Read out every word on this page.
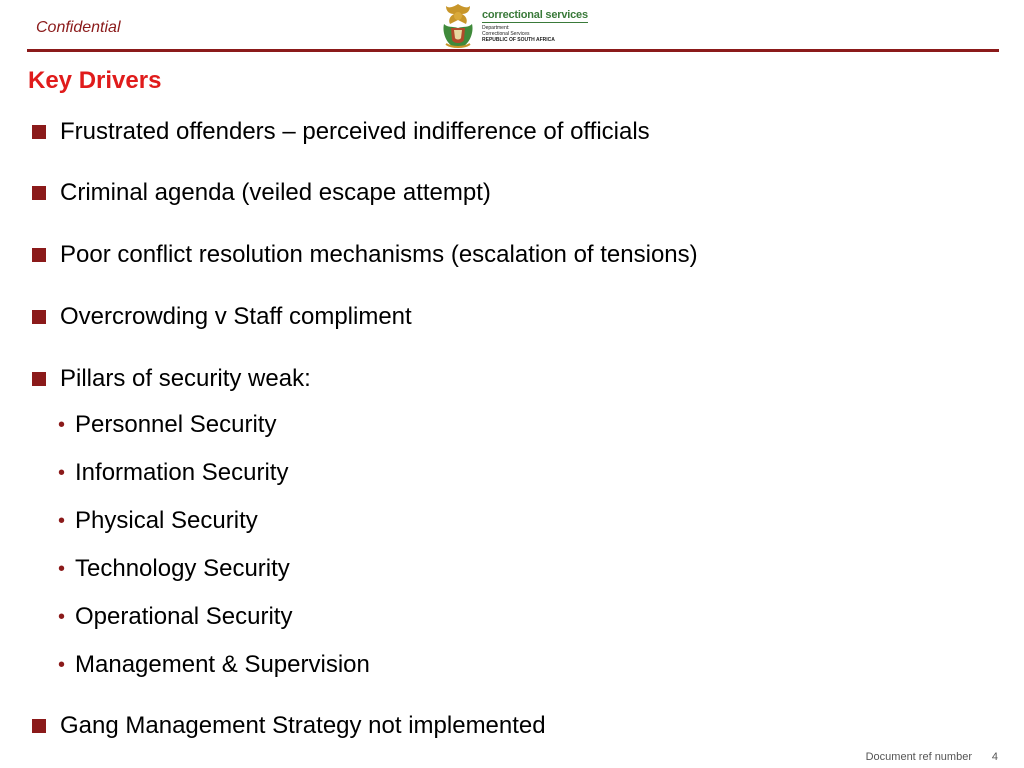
Confidential
correctional services
Department:
Correctional Services
REPUBLIC OF SOUTH AFRICA
Key Drivers
Frustrated offenders – perceived indifference of officials
Criminal agenda (veiled escape attempt)
Poor conflict resolution mechanisms (escalation of tensions)
Overcrowding v Staff compliment
Pillars of security weak:
• Personnel Security
• Information Security
• Physical Security
• Technology Security
• Operational Security
• Management & Supervision
Gang Management Strategy not implemented
Document ref number 4
